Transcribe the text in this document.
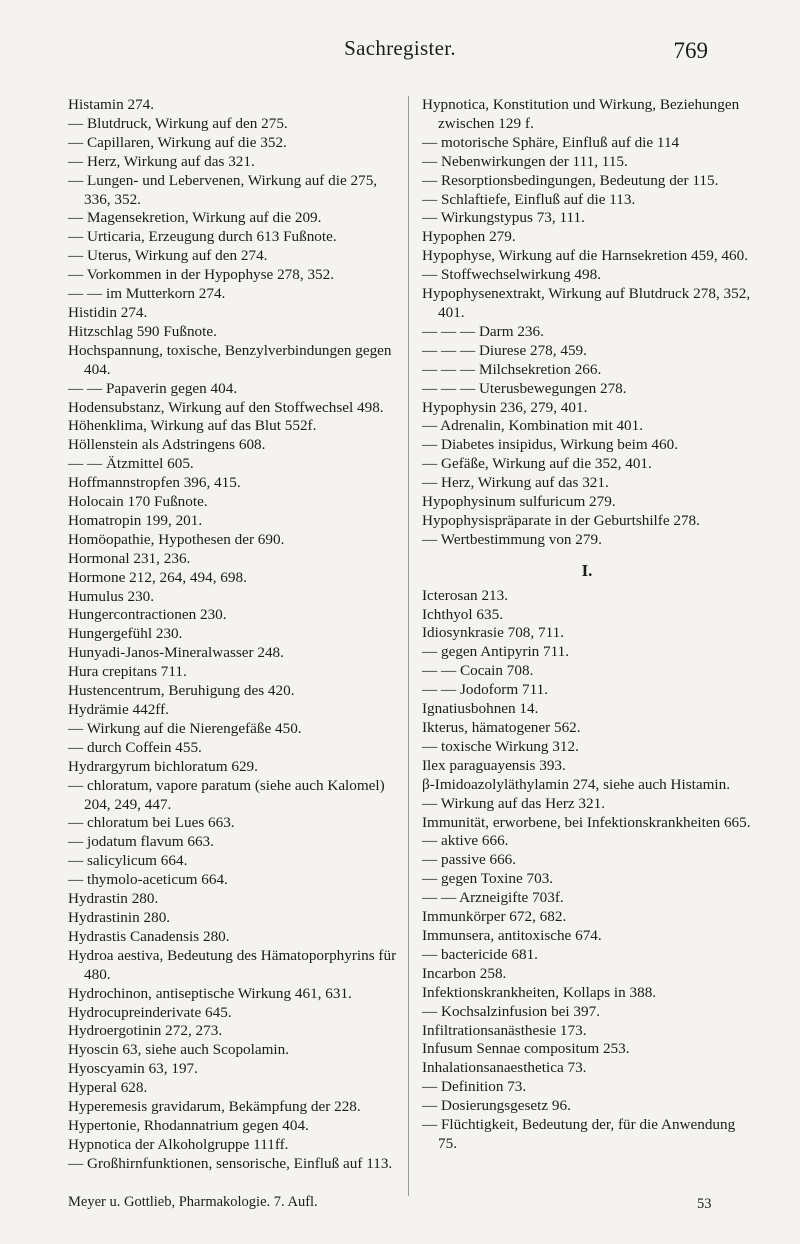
Sachregister.	769

Histamin 274.

— Blutdruck, Wirkung auf den 275.

— Capillaren, Wirkung auf die 352.

— Herz, Wirkung auf das 321.

— Lungen- und Lebervenen, Wirkung auf die 275, 336, 352.

— Magensekretion, Wirkung auf die 209.

— Urticaria, Erzeugung durch 613 Fußnote.

— Uterus, Wirkung auf den 274.

— Vorkommen in der Hypophyse 278, 352.

— — im Mutterkorn 274.

Histidin 274.

Hitzschlag 590 Fußnote.

Hochspannung, toxische, Benzylverbindungen gegen 404.

— — Papaverin gegen 404.

Hodensubstanz, Wirkung auf den Stoffwechsel 498.

Höhenklima, Wirkung auf das Blut 552f.

Höllenstein als Adstringens 608.

— — Ätzmittel 605.

Hoffmannstropfen 396, 415.

Holocain 170 Fußnote.

Homatropin 199, 201.

Homöopathie, Hypothesen der 690.

Hormonal 231, 236.

Hormone 212, 264, 494, 698.

Humulus 230.

Hungercontractionen 230.

Hungergefühl 230.

Hunyadi-Janos-Mineralwasser 248.

Hura crepitans 711.

Hustencentrum, Beruhigung des 420.

Hydrämie 442ff.

— Wirkung auf die Nierengefäße 450.

— durch Coffein 455.

Hydrargyrum bichloratum 629.

— chloratum, vapore paratum (siehe auch Kalomel) 204, 249, 447.

— chloratum bei Lues 663.

— jodatum flavum 663.

— salicylicum 664.

— thymolo-aceticum 664.

Hydrastin 280.

Hydrastinin 280.

Hydrastis Canadensis 280.

Hydroa aestiva, Bedeutung des Hämatoporphyrins für 480.

Hydrochinon, antiseptische Wirkung 461, 631.

Hydrocupreinderivate 645.

Hydroergotinin 272, 273.

Hyoscin 63, siehe auch Scopolamin.

Hyoscyamin 63, 197.

Hyperal 628.

Hyperemesis gravidarum, Bekämpfung der 228.

Hypertonie, Rhodannatrium gegen 404.

Hypnotica der Alkoholgruppe 111ff.

— Großhirnfunktionen, sensorische, Einfluß auf 113.

Hypnotica, Konstitution und Wirkung, Beziehungen zwischen 129 f.

— motorische Sphäre, Einfluß auf die 114

— Nebenwirkungen der 111, 115.

— Resorptionsbedingungen, Bedeutung der 115.

— Schlaftiefe, Einfluß auf die 113.

— Wirkungstypus 73, 111.

Hypophen 279.

Hypophyse, Wirkung auf die Harnsekretion 459, 460.

— Stoffwechselwirkung 498.

Hypophysenextrakt, Wirkung auf Blutdruck 278, 352, 401.

— — — Darm 236.

— — — Diurese 278, 459.

— — — Milchsekretion 266.

— — — Uterusbewegungen 278.

Hypophysin 236, 279, 401.

— Adrenalin, Kombination mit 401.

— Diabetes insipidus, Wirkung beim 460.

— Gefäße, Wirkung auf die 352, 401.

— Herz, Wirkung auf das 321.

Hypophysinum sulfuricum 279.

Hypophysispräparate in der Geburtshilfe 278.

— Wertbestimmung von 279.

I.

Icterosan 213.

Ichthyol 635.

Idiosynkrasie 708, 711.

— gegen Antipyrin 711.

— — Cocain 708.

— — Jodoform 711.

Ignatiusbohnen 14.

Ikterus, hämatogener 562.

— toxische Wirkung 312.

Ilex paraguayensis 393.

β-Imidoazolyläthylamin 274, siehe auch Histamin.

— Wirkung auf das Herz 321.

Immunität, erworbene, bei Infektionskrankheiten 665.

— aktive 666.

— passive 666.

— gegen Toxine 703.

— — Arzneigifte 703f.

Immunkörper 672, 682.

Immunsera, antitoxische 674.

— bactericide 681.

Incarbon 258.

Infektionskrankheiten, Kollaps in 388.

— Kochsalzinfusion bei 397.

Infiltrationsanästhesie 173.

Infusum Sennae compositum 253.

Inhalationsanaesthetica 73.

— Definition 73.

— Dosierungsgesetz 96.

— Flüchtigkeit, Bedeutung der, für die Anwendung 75.

Meyer u. Gottlieb, Pharmakologie. 7. Aufl.	53
